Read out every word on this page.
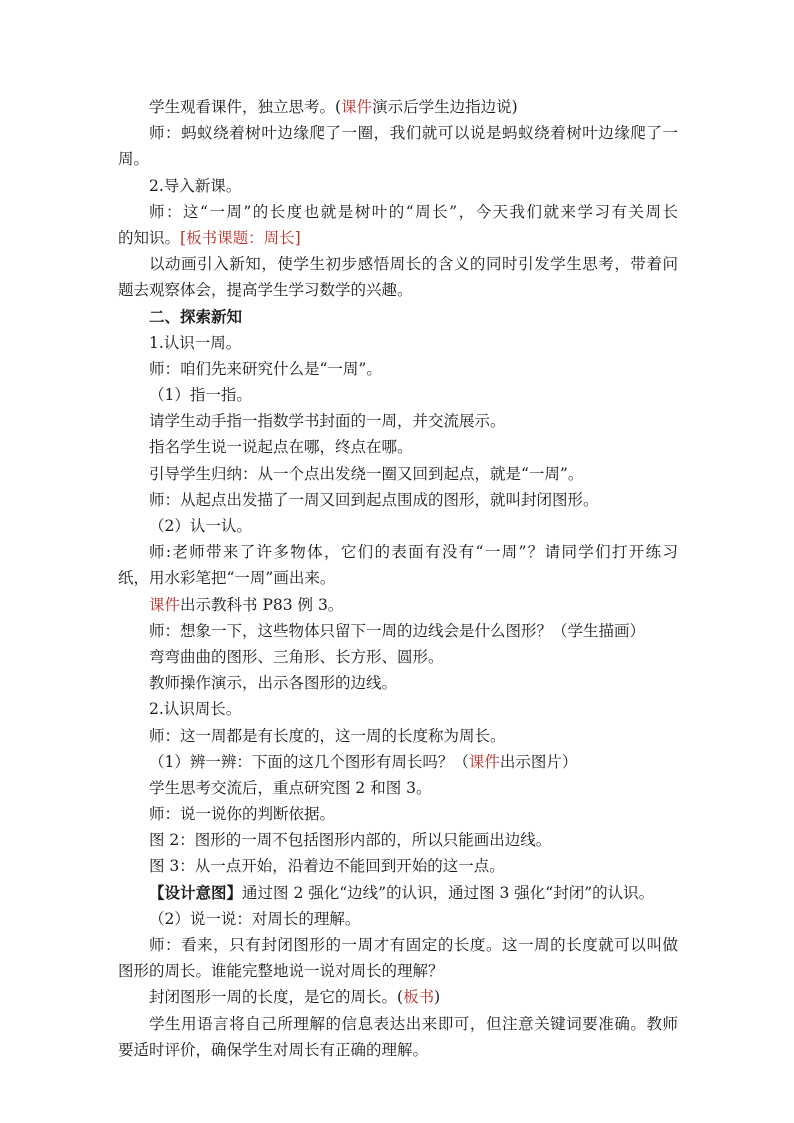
学生观看课件，独立思考。(课件演示后学生边指边说)
师：蚂蚁绕着树叶边缘爬了一圈，我们就可以说是蚂蚁绕着树叶边缘爬了一
周。
2.导入新课。
师：这“一周”的长度也就是树叶的“周长”，今天我们就来学习有关周长
的知识。[板书课题：周长]
以动画引入新知，使学生初步感悟周长的含义的同时引发学生思考，带着问
题去观察体会，提高学生学习数学的兴趣。
二、探索新知
1.认识一周。
师：咱们先来研究什么是“一周”。
（1）指一指。
请学生动手指一指数学书封面的一周，并交流展示。
指名学生说一说起点在哪，终点在哪。
引导学生归纳：从一个点出发绕一圈又回到起点，就是“一周”。
师：从起点出发描了一周又回到起点围成的图形，就叫封闭图形。
（2）认一认。
师:老师带来了许多物体，它们的表面有没有“一周”？请同学们打开练习
纸，用水彩笔把“一周”画出来。
课件出示教科书 P83 例 3。
师：想象一下，这些物体只留下一周的边线会是什么图形？（学生描画）
弯弯曲曲的图形、三角形、长方形、圆形。
教师操作演示，出示各图形的边线。
2.认识周长。
师：这一周都是有长度的，这一周的长度称为周长。
（1）辨一辨：下面的这几个图形有周长吗？（课件出示图片）
学生思考交流后，重点研究图 2 和图 3。
师：说一说你的判断依据。
图 2：图形的一周不包括图形内部的，所以只能画出边线。
图 3：从一点开始，沿着边不能回到开始的这一点。
【设计意图】通过图 2 强化“边线”的认识，通过图 3 强化“封闭”的认识。
（2）说一说：对周长的理解。
师：看来，只有封闭图形的一周才有固定的长度。这一周的长度就可以叫做
图形的周长。谁能完整地说一说对周长的理解？
封闭图形一周的长度，是它的周长。(板书)
学生用语言将自己所理解的信息表达出来即可，但注意关键词要准确。教师
要适时评价，确保学生对周长有正确的理解。
